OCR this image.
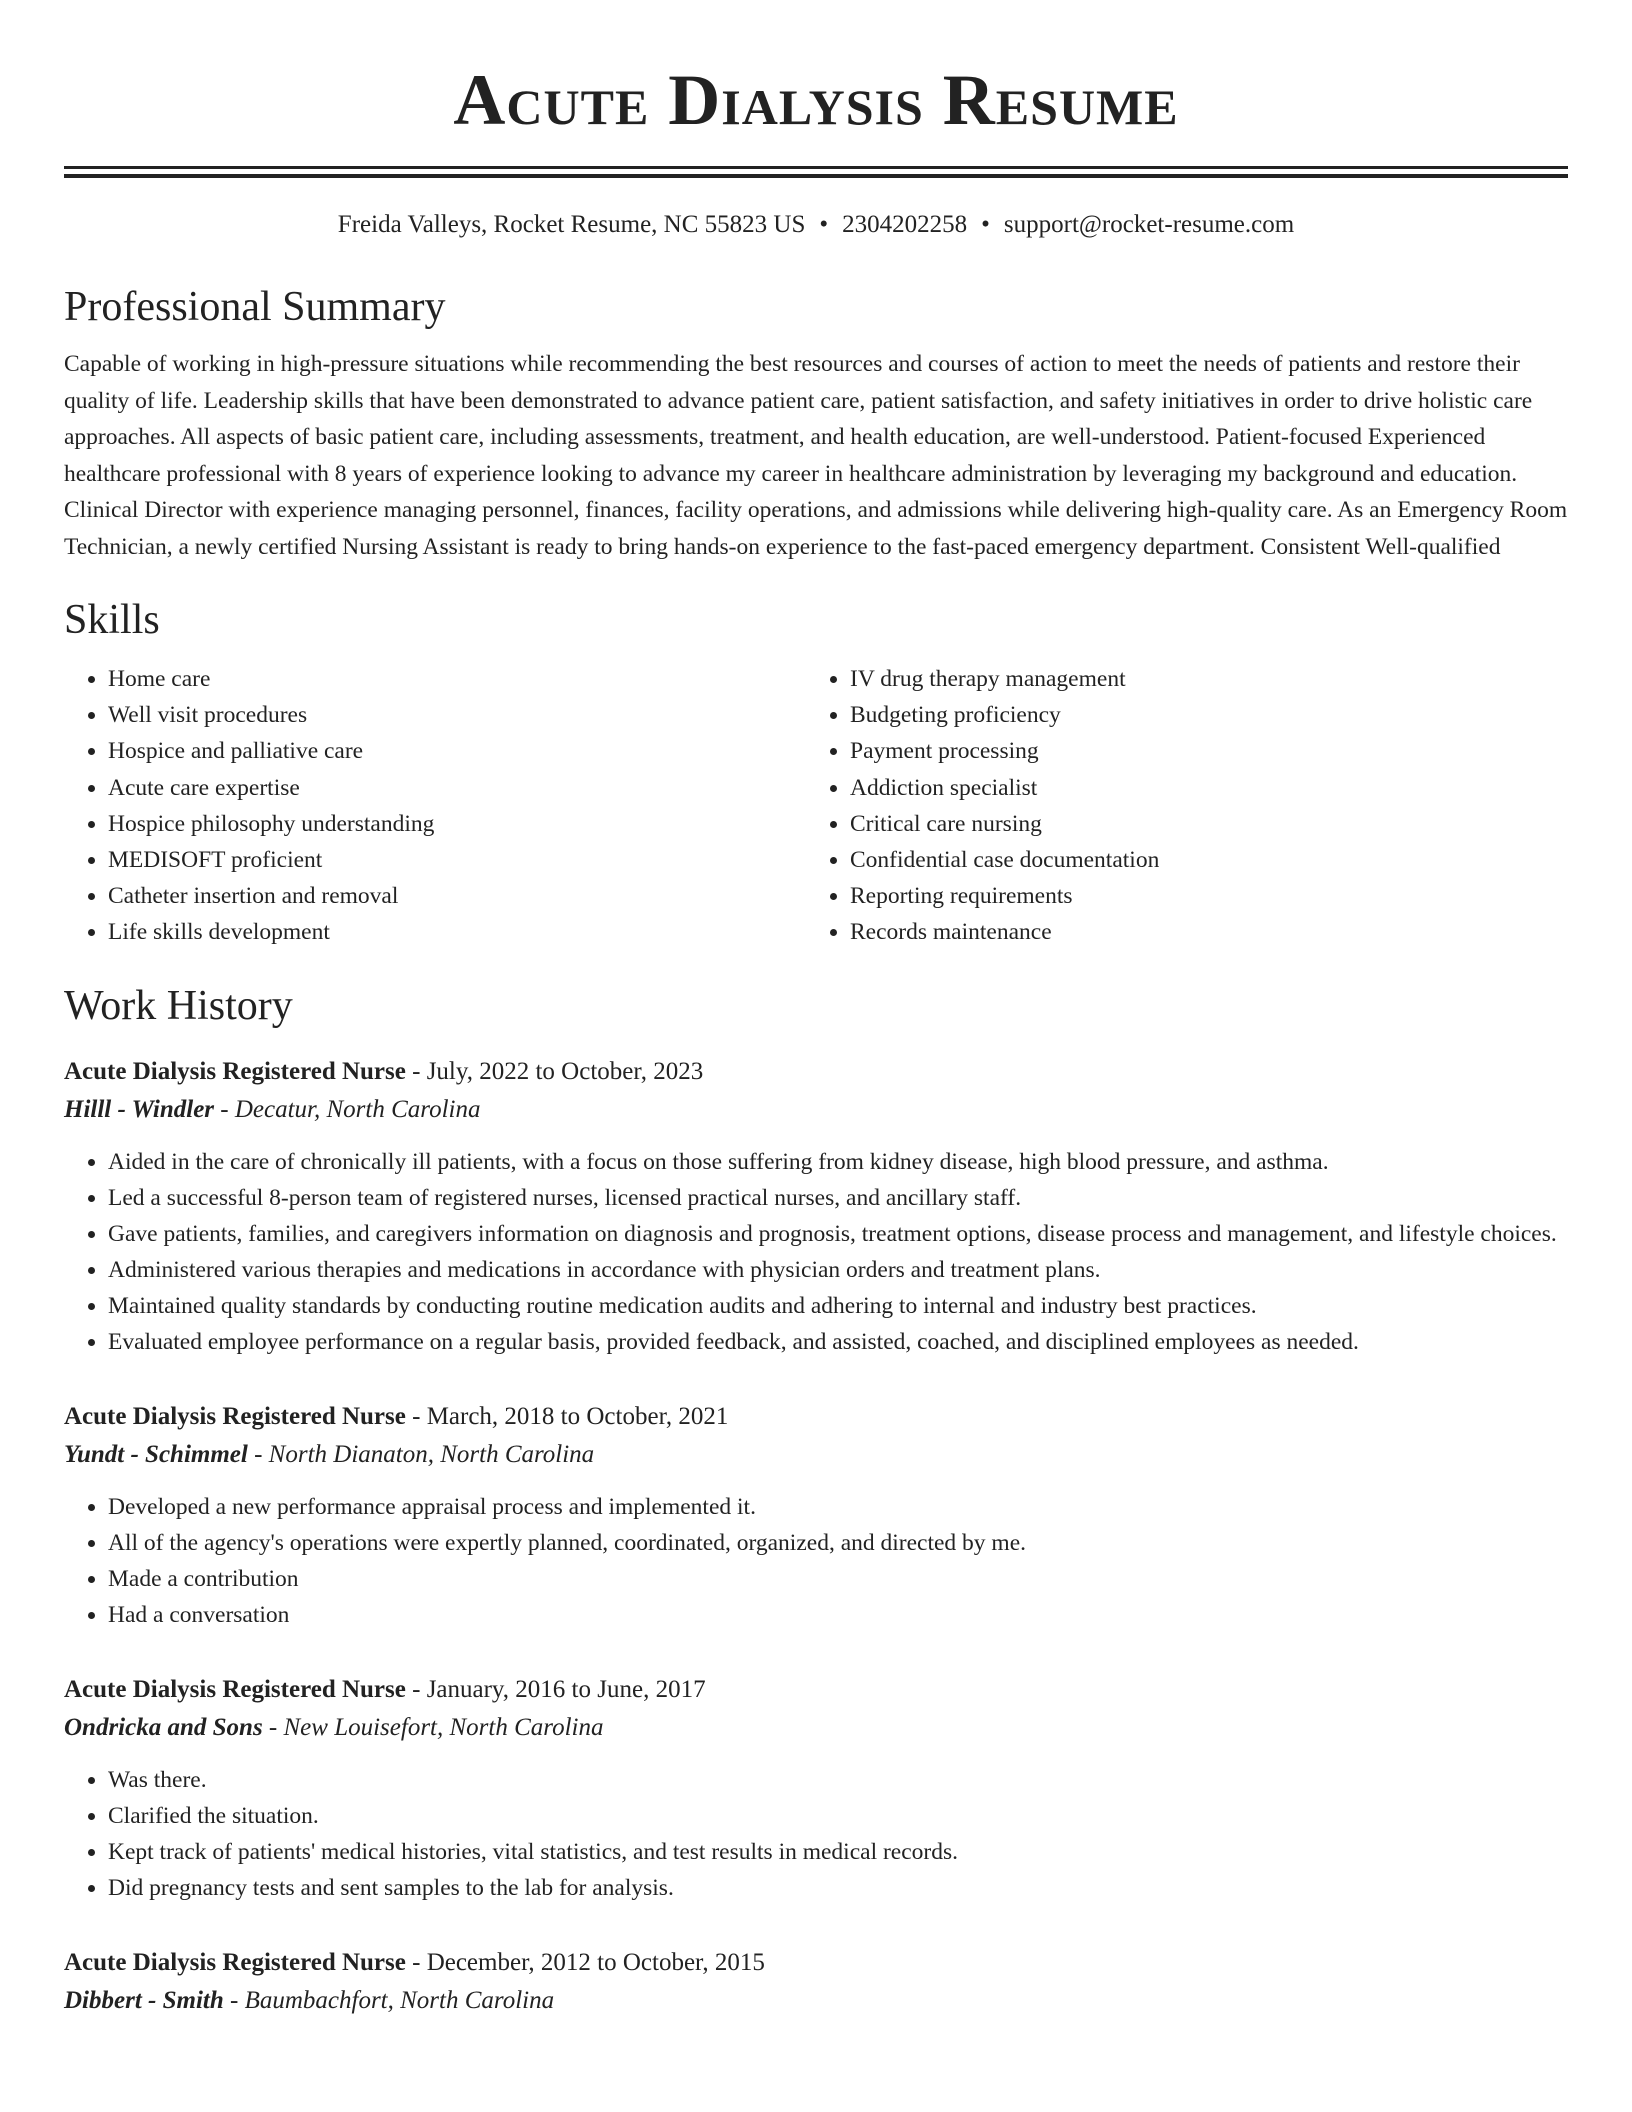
Acute Dialysis Resume
Freida Valleys, Rocket Resume, NC 55823 US • 2304202258 • support@rocket-resume.com
Professional Summary

Capable of working in high-pressure situations while recommending the best resources and courses of action to meet the needs of patients and restore their quality of life. Leadership skills that have been demonstrated to advance patient care, patient satisfaction, and safety initiatives in order to drive holistic care approaches. All aspects of basic patient care, including assessments, treatment, and health education, are well-understood. Patient-focused Experienced healthcare professional with 8 years of experience looking to advance my career in healthcare administration by leveraging my background and education. Clinical Director with experience managing personnel, finances, facility operations, and admissions while delivering high-quality care. As an Emergency Room Technician, a newly certified Nursing Assistant is ready to bring hands-on experience to the fast-paced emergency department. Consistent Well-qualified

Skills
• Home care
• Well visit procedures
• Hospice and palliative care
• Acute care expertise
• Hospice philosophy understanding
• MEDISOFT proficient
• Catheter insertion and removal
• Life skills development
• IV drug therapy management
• Budgeting proficiency
• Payment processing
• Addiction specialist
• Critical care nursing
• Confidential case documentation
• Reporting requirements
• Records maintenance
Work History
Acute Dialysis Registered Nurse - July, 2022 to October, 2023
Hilll - Windler - Decatur, North Carolina
• Aided in the care of chronically ill patients, with a focus on those suffering from kidney disease, high blood pressure, and asthma.
• Led a successful 8-person team of registered nurses, licensed practical nurses, and ancillary staff.
• Gave patients, families, and caregivers information on diagnosis and prognosis, treatment options, disease process and management, and lifestyle choices.
• Administered various therapies and medications in accordance with physician orders and treatment plans.
• Maintained quality standards by conducting routine medication audits and adhering to internal and industry best practices.
• Evaluated employee performance on a regular basis, provided feedback, and assisted, coached, and disciplined employees as needed.
Acute Dialysis Registered Nurse - March, 2018 to October, 2021
Yundt - Schimmel - North Dianaton, North Carolina
• Developed a new performance appraisal process and implemented it.
• All of the agency's operations were expertly planned, coordinated, organized, and directed by me.
• Made a contribution
• Had a conversation
Acute Dialysis Registered Nurse - January, 2016 to June, 2017
Ondricka and Sons - New Louisefort, North Carolina
• Was there.
• Clarified the situation.
• Kept track of patients' medical histories, vital statistics, and test results in medical records.
• Did pregnancy tests and sent samples to the lab for analysis.
Acute Dialysis Registered Nurse - December, 2012 to October, 2015
Dibbert - Smith - Baumbachfort, North Carolina
